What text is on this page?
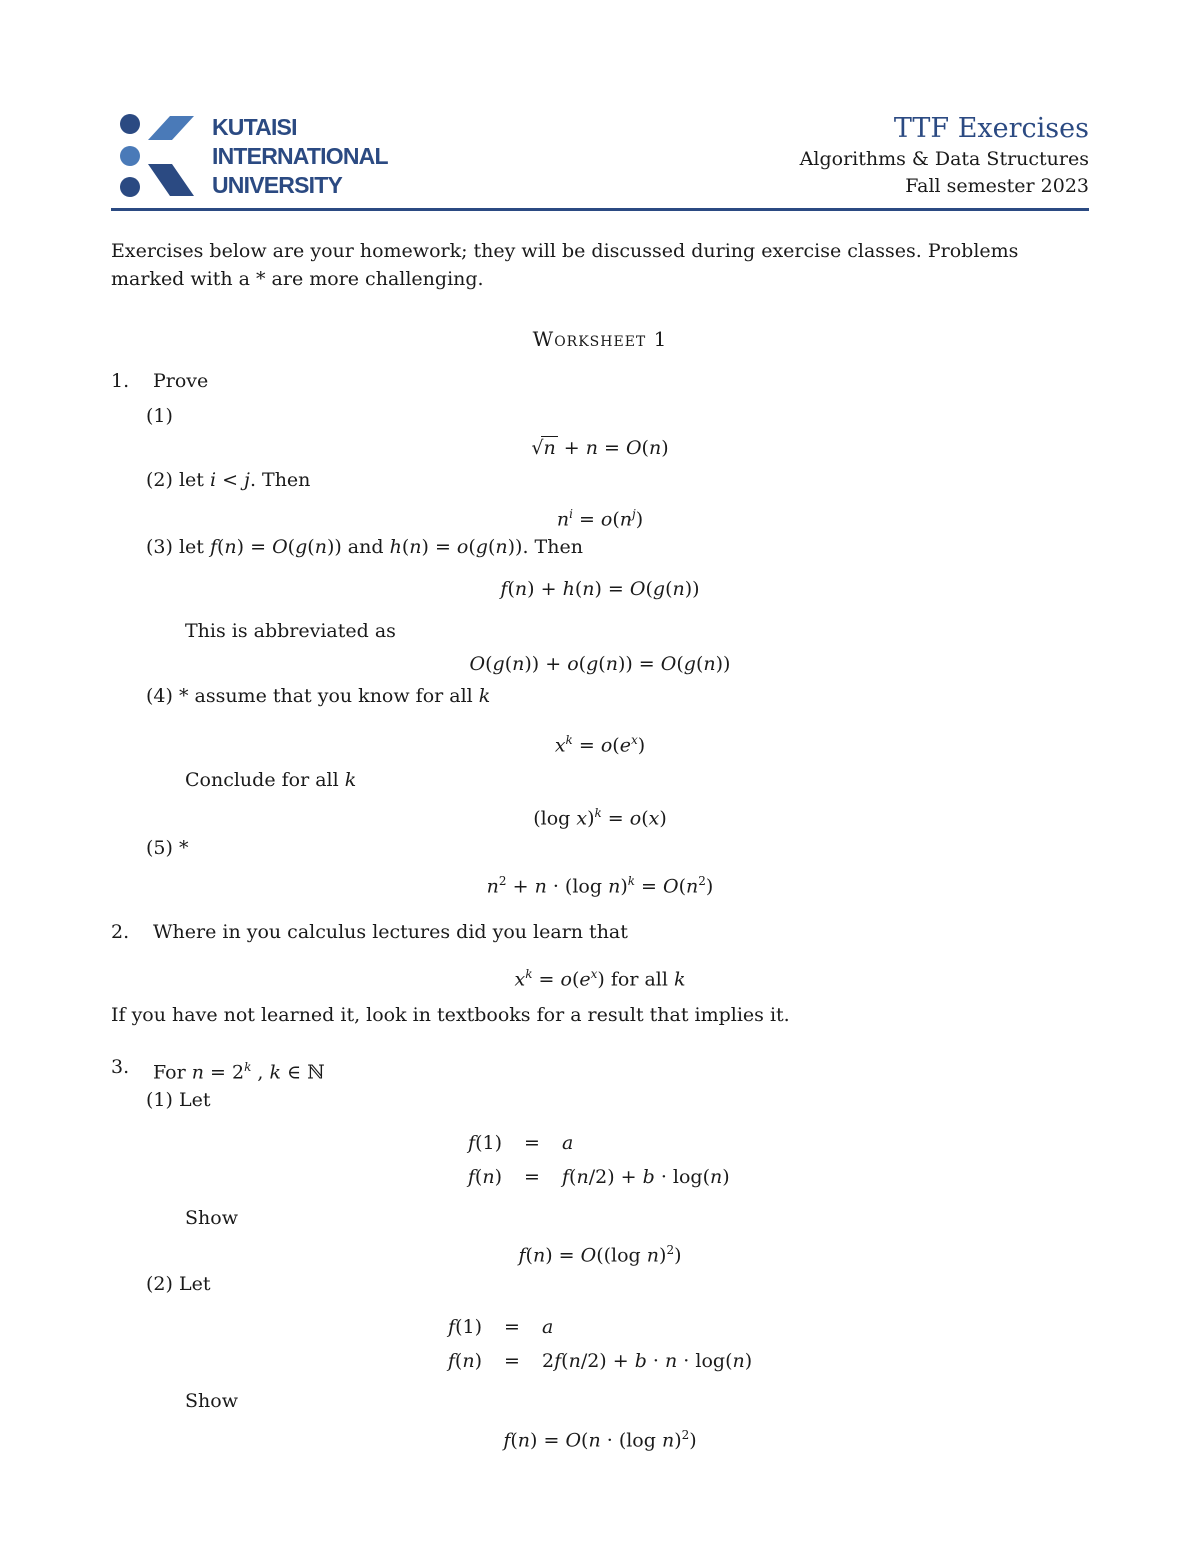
KUTAISI
INTERNATIONAL
UNIVERSITY
TTF Exercises
Algorithms & Data Structures
Fall semester 2023
Exercises below are your homework; they will be discussed during exercise classes. Problems marked with a * are more challenging.
Worksheet 1
1. Prove
(1)
√n + n = O(n)
(2) let i < j. Then
$n^i = o(n^j)$
(3) let f(n) = O(g(n)) and h(n) = o(g(n)). Then
f(n) + h(n) = O(g(n))
This is abbreviated as
O(g(n)) + o(g(n)) = O(g(n))
(4) * assume that you know for all k
$x^k = o(e^x)$
Conclude for all k
(log x)$^k$ = o(x)
(5) *
$n^2 + n \cdot (\log$ $n)^k = O(n^2)$
2. Where in you calculus lectures did you learn that
$x^k = o(e^x)$ for all k
If you have not learned it, look in textbooks for a result that implies it.
3. For $n = 2^k$ , k ∈ ℕ
(1) Let
f(1) = a
f(n) = f(n/2) + b · log(n)
Show
f(n) = O((log n)$^2$)
(2) Let
f(1) = a
f(n) = 2f(n/2) + b · n · log(n)
Show
f(n) = O(n · (log n)$^2$)
